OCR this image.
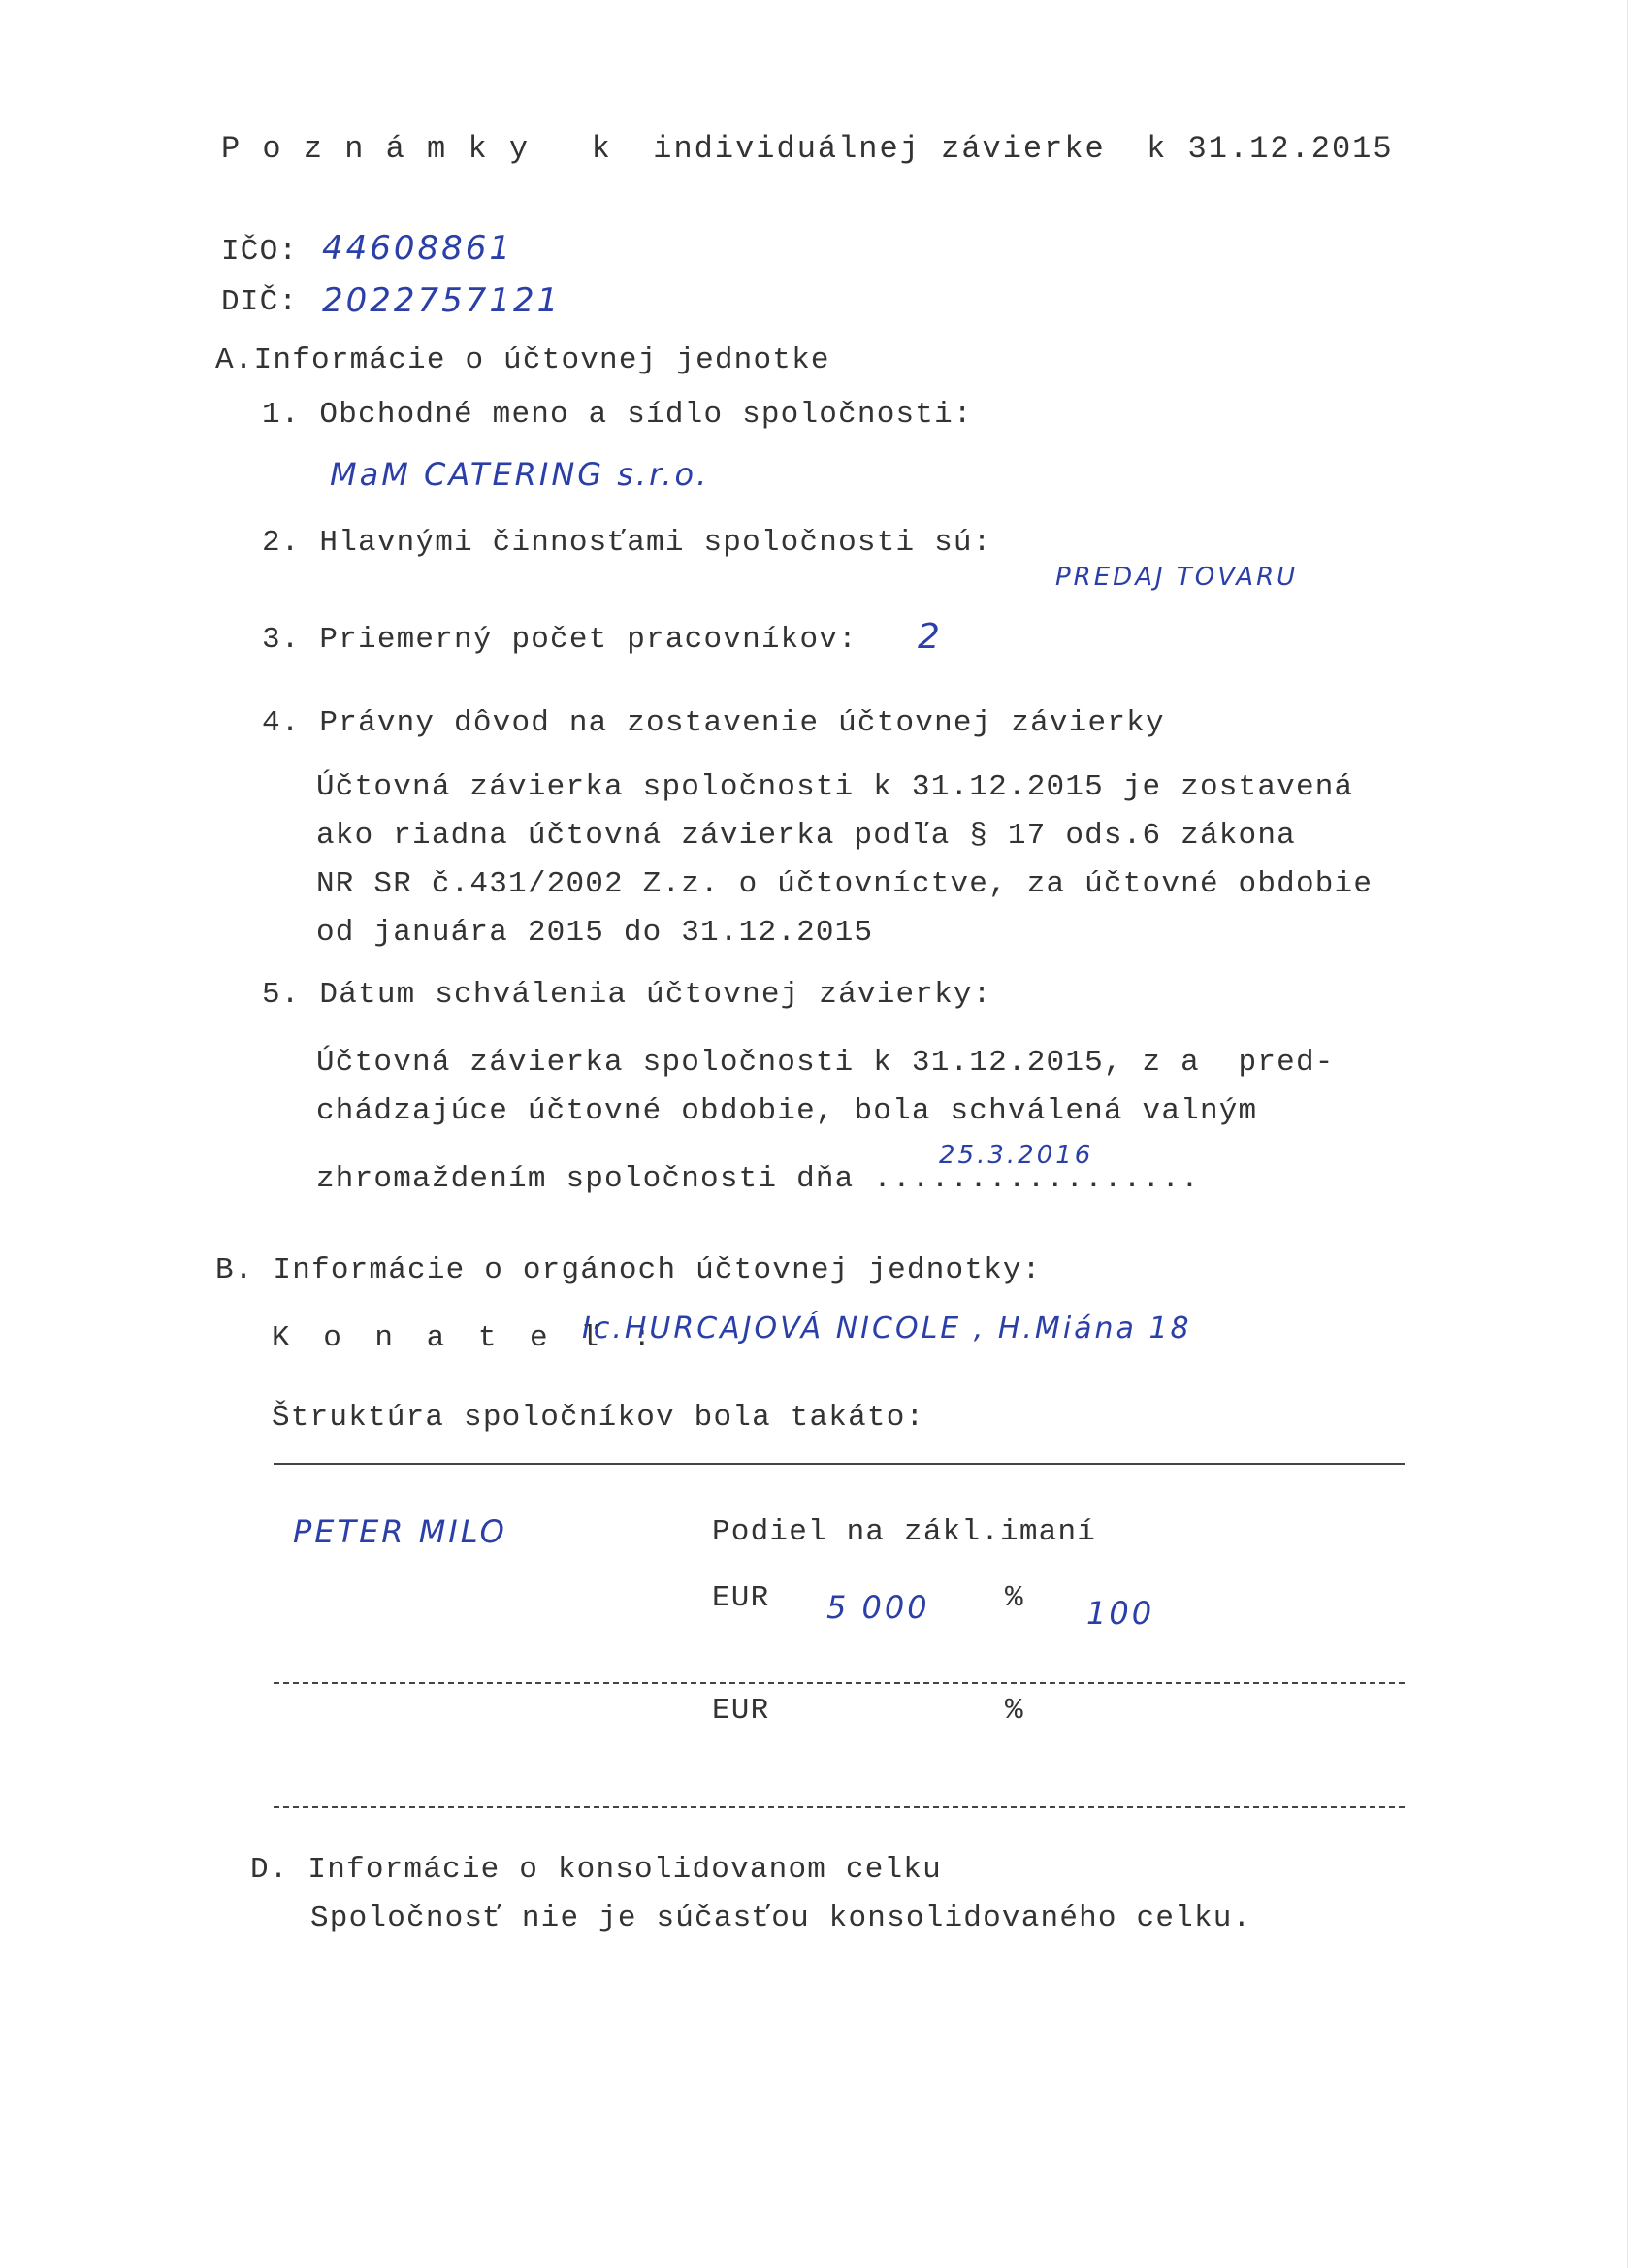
P o z n á m k y   k  individuálnej závierke  k 31.12.2015
IČO: 44608861
DIČ: 2022757121
A.Informácie o účtovnej jednotke
1. Obchodné meno a sídlo spoločnosti:
MaM CATERING s.r.o.
2. Hlavnými činnosťami spoločnosti sú:
PREDAJ TOVARU
3. Priemerný počet pracovníkov: 2
4. Právny dôvod na zostavenie účtovnej závierky
Účtovná závierka spoločnosti k 31.12.2015 je zostavená
ako riadna účtovná závierka podľa § 17 ods.6 zákona
NR SR č.431/2002 Z.z. o účtovníctve, za účtovné obdobie
od januára 2015 do 31.12.2015
5. Dátum schválenia účtovnej závierky:
Účtovná závierka spoločnosti k 31.12.2015, z a  pred-
chádzajúce účtovné obdobie, bola schválená valným
zhromaždením spoločnosti dňa .................
25.3.2016
B. Informácie o orgánoch účtovnej jednotky:
K o n a t e ľ :
Ic.HURCAJOVÁ NICOLE , H.Miána 18
Štruktúra spoločníkov bola takáto:
PETER MILO	Podiel na zákl.imaní
EUR 5 000 % 100
EUR	%
D. Informácie o konsolidovanom celku
Spoločnosť nie je súčasťou konsolidovaného celku.
